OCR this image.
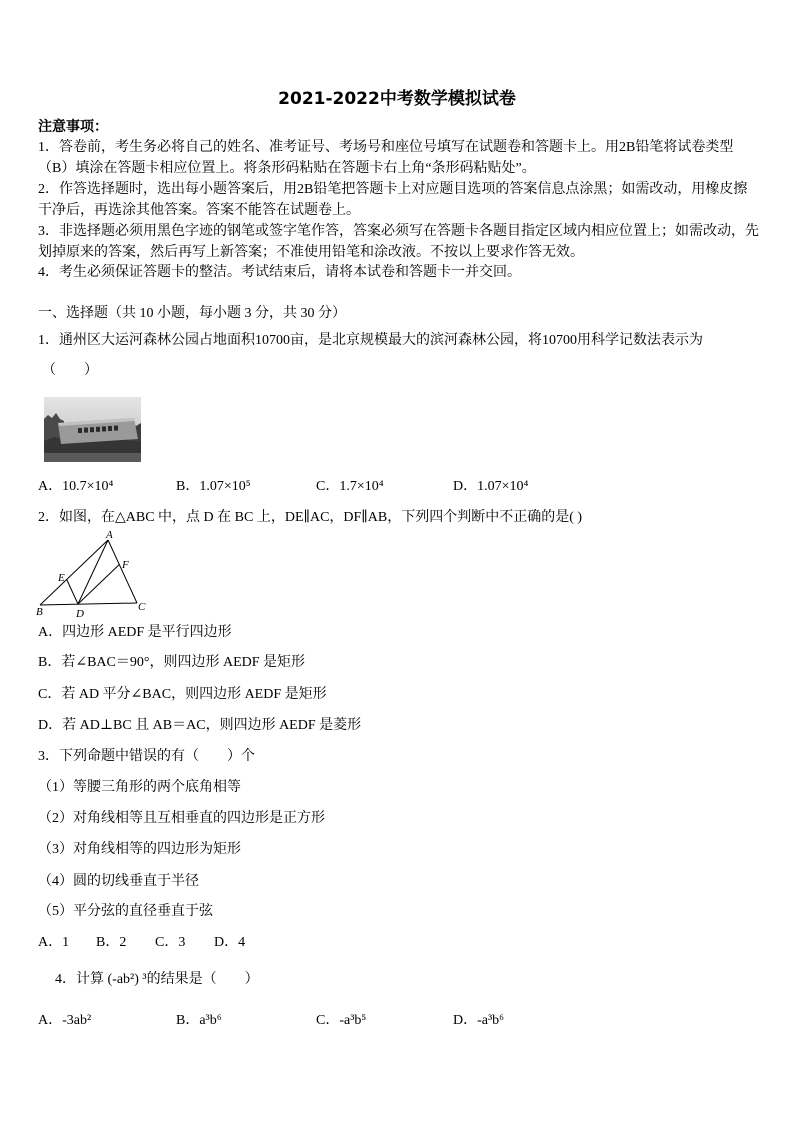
2021-2022中考数学模拟试卷
注意事项：
1．答卷前，考生务必将自己的姓名、准考证号、考场号和座位号填写在试题卷和答题卡上。用2B铅笔将试卷类型
（B）填涂在答题卡相应位置上。将条形码粘贴在答题卡右上角“条形码粘贴处”。
2．作答选择题时，选出每小题答案后，用2B铅笔把答题卡上对应题目选项的答案信息点涂黑；如需改动，用橡皮擦
干净后，再选涂其他答案。答案不能答在试题卷上。
3．非选择题必须用黑色字迹的钢笔或签字笔作答，答案必须写在答题卡各题目指定区域内相应位置上；如需改动，先
划掉原来的答案，然后再写上新答案；不准使用铅笔和涂改液。不按以上要求作答无效。
4．考生必须保证答题卡的整洁。考试结束后，请将本试卷和答题卡一并交回。
一、选择题（共 10 小题，每小题 3 分，共 30 分）
1．通州区大运河森林公园占地面积10700亩，是北京规模最大的滨河森林公园，将10700用科学记数法表示为
（　　）
A．10.7×10⁴	B．1.07×10⁵	C．1.7×10⁴	D．1.07×10⁴
2．如图，在△ABC 中，点 D 在 BC 上，DE∥AC，DF∥AB，下列四个判断中不正确的是( )
A
B	C
D
E
F
A．四边形 AEDF 是平行四边形
B．若∠BAC＝90°，则四边形 AEDF 是矩形
C．若 AD 平分∠BAC，则四边形 AEDF 是矩形
D．若 AD⊥BC 且 AB＝AC，则四边形 AEDF 是菱形
3．下列命题中错误的有（　　）个
（1）等腰三角形的两个底角相等
（2）对角线相等且互相垂直的四边形是正方形
（3）对角线相等的四边形为矩形
（4）圆的切线垂直于半径
（5）平分弦的直径垂直于弦
A．1 B．2 C．3 D．4
4．计算 (-ab²) ³的结果是（　　）
A．-3ab²	B．a³b⁶	C．-a³b⁵	D．-a³b⁶
